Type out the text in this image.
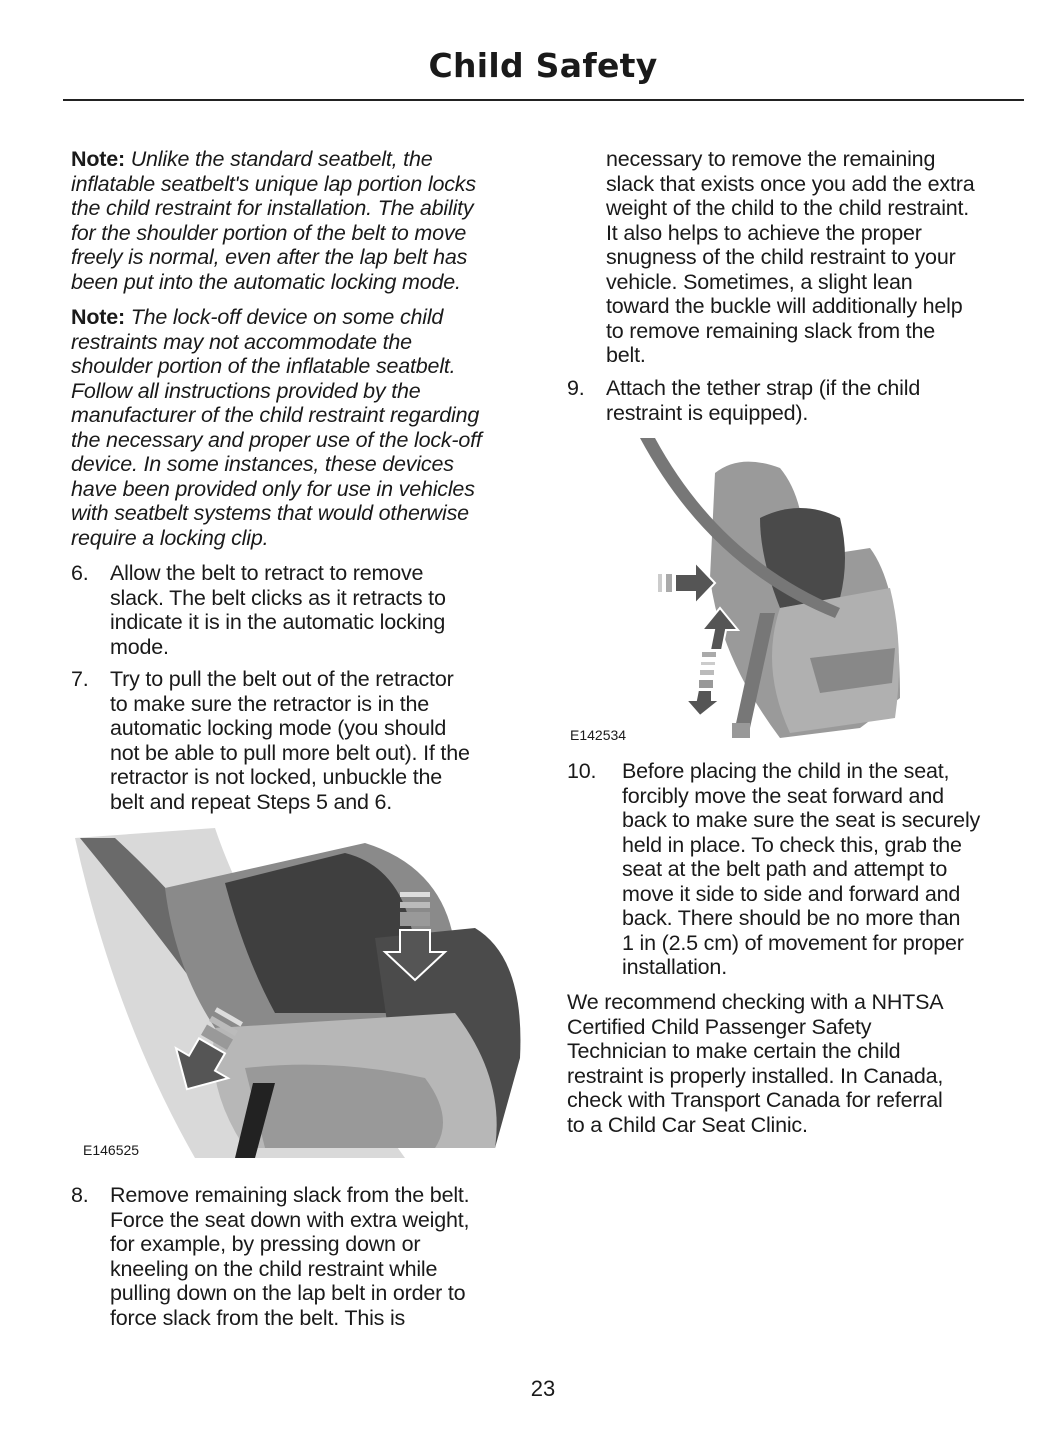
Child Safety
Note: Unlike the standard seatbelt, the
inflatable seatbelt's unique lap portion locks
the child restraint for installation. The ability
for the shoulder portion of the belt to move
freely is normal, even after the lap belt has
been put into the automatic locking mode.
Note: The lock-off device on some child
restraints may not accommodate the
shoulder portion of the inflatable seatbelt.
Follow all instructions provided by the
manufacturer of the child restraint regarding
the necessary and proper use of the lock-off
device. In some instances, these devices
have been provided only for use in vehicles
with seatbelt systems that would otherwise
require a locking clip.
6. Allow the belt to retract to remove
slack. The belt clicks as it retracts to
indicate it is in the automatic locking
mode.
7. Try to pull the belt out of the retractor
to make sure the retractor is in the
automatic locking mode (you should
not be able to pull more belt out). If the
retractor is not locked, unbuckle the
belt and repeat Steps 5 and 6.
E146525
8. Remove remaining slack from the belt.
Force the seat down with extra weight,
for example, by pressing down or
kneeling on the child restraint while
pulling down on the lap belt in order to
force slack from the belt. This is
necessary to remove the remaining
slack that exists once you add the extra
weight of the child to the child restraint.
It also helps to achieve the proper
snugness of the child restraint to your
vehicle. Sometimes, a slight lean
toward the buckle will additionally help
to remove remaining slack from the
belt.
9. Attach the tether strap (if the child
restraint is equipped).
E142534
10. Before placing the child in the seat,
forcibly move the seat forward and
back to make sure the seat is securely
held in place. To check this, grab the
seat at the belt path and attempt to
move it side to side and forward and
back. There should be no more than
1 in (2.5 cm) of movement for proper
installation.
We recommend checking with a NHTSA
Certified Child Passenger Safety
Technician to make certain the child
restraint is properly installed. In Canada,
check with Transport Canada for referral
to a Child Car Seat Clinic.
23
